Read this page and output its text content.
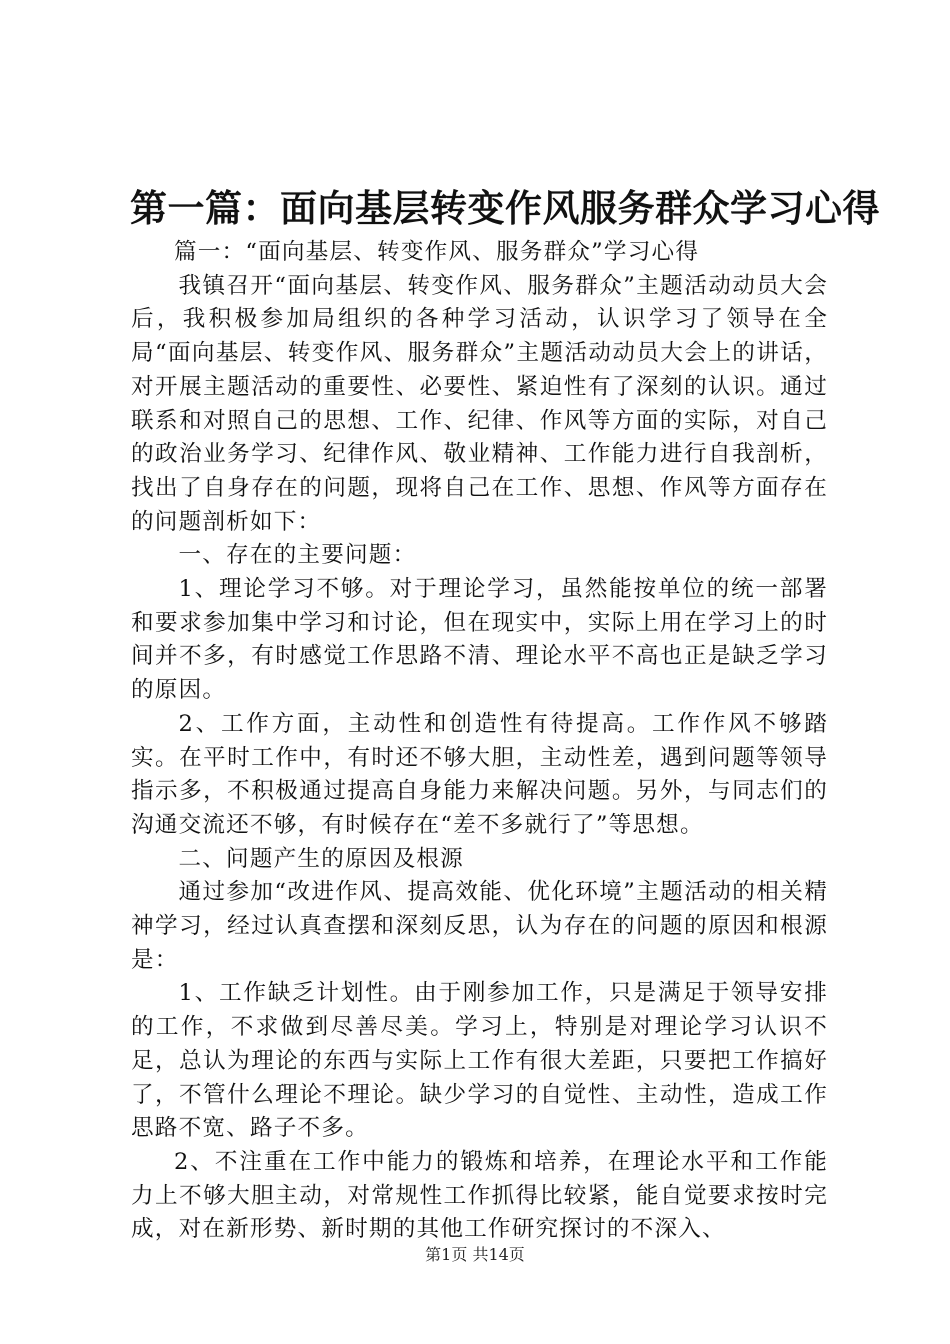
第一篇：面向基层转变作风服务群众学习心得

篇一：“面向基层、转变作风、服务群众”学习心得

我镇召开“面向基层、转变作风、服务群众”主题活动动员大会后，我积极参加局组织的各种学习活动，认识学习了领导在全局“面向基层、转变作风、服务群众”主题活动动员大会上的讲话，对开展主题活动的重要性、必要性、紧迫性有了深刻的认识。通过联系和对照自己的思想、工作、纪律、作风等方面的实际，对自己的政治业务学习、纪律作风、敬业精神、工作能力进行自我剖析，找出了自身存在的问题，现将自己在工作、思想、作风等方面存在的问题剖析如下：

一、存在的主要问题：

1、理论学习不够。对于理论学习，虽然能按单位的统一部署和要求参加集中学习和讨论，但在现实中，实际上用在学习上的时间并不多，有时感觉工作思路不清、理论水平不高也正是缺乏学习的原因。

2、工作方面，主动性和创造性有待提高。工作作风不够踏实。在平时工作中，有时还不够大胆，主动性差，遇到问题等领导指示多，不积极通过提高自身能力来解决问题。另外，与同志们的沟通交流还不够，有时候存在“差不多就行了”等思想。

二、问题产生的原因及根源

通过参加“改进作风、提高效能、优化环境”主题活动的相关精神学习，经过认真查摆和深刻反思，认为存在的问题的原因和根源是：

1、工作缺乏计划性。由于刚参加工作，只是满足于领导安排的工作，不求做到尽善尽美。学习上，特别是对理论学习认识不足，总认为理论的东西与实际上工作有很大差距，只要把工作搞好了，不管什么理论不理论。缺少学习的自觉性、主动性，造成工作思路不宽、路子不多。

2、不注重在工作中能力的锻炼和培养，在理论水平和工作能力上不够大胆主动，对常规性工作抓得比较紧，能自觉要求按时完成，对在新形势、新时期的其他工作研究探讨的不深入、

第1页 共14页
